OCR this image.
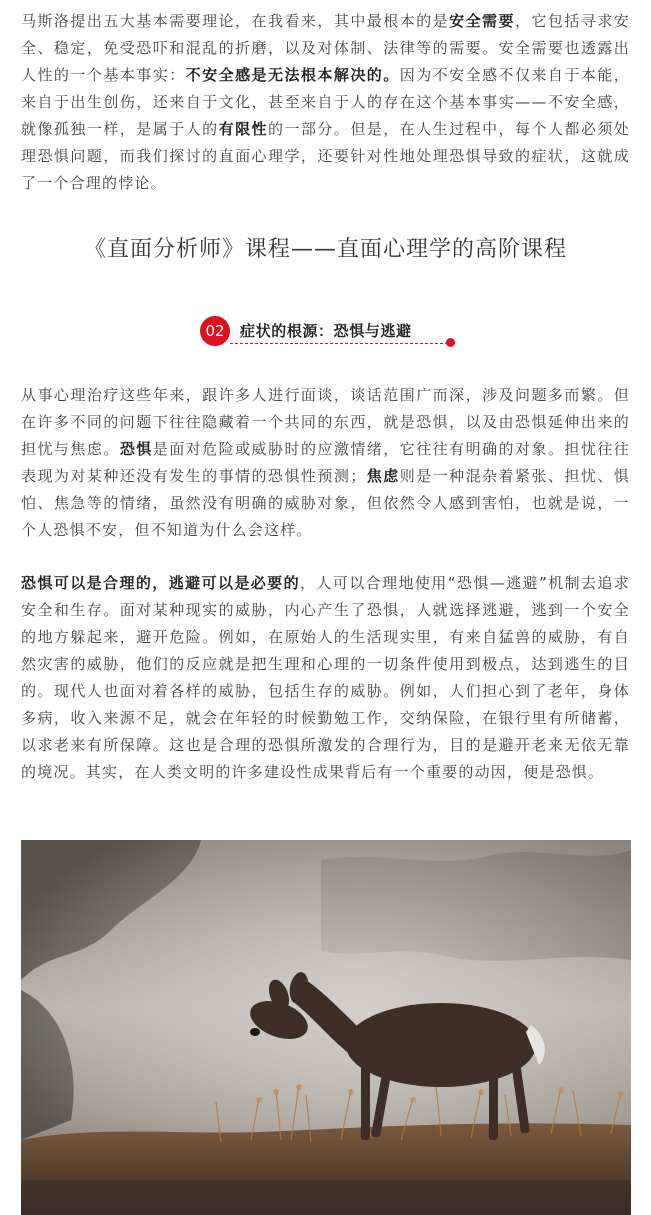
马斯洛提出五大基本需要理论，在我看来，其中最根本的是安全需要，它包括寻求安全、稳定，免受恐吓和混乱的折磨，以及对体制、法律等的需要。安全需要也透露出人性的一个基本事实：不安全感是无法根本解决的。因为不安全感不仅来自于本能，来自于出生创伤，还来自于文化，甚至来自于人的存在这个基本事实——不安全感，就像孤独一样，是属于人的有限性的一部分。但是，在人生过程中，每个人都必须处理恐惧问题，而我们探讨的直面心理学，还要针对性地处理恐惧导致的症状，这就成了一个合理的悖论。

《直面分析师》课程——直面心理学的高阶课程
02	症状的根源：恐惧与逃避

从事心理治疗这些年来，跟许多人进行面谈，谈话范围广而深，涉及问题多而繁。但在许多不同的问题下往往隐藏着一个共同的东西，就是恐惧，以及由恐惧延伸出来的担忧与焦虑。恐惧是面对危险或威胁时的应激情绪，它往往有明确的对象。担忧往往表现为对某种还没有发生的事情的恐惧性预测；焦虑则是一种混杂着紧张、担忧、惧怕、焦急等的情绪，虽然没有明确的威胁对象，但依然令人感到害怕，也就是说，一个人恐惧不安，但不知道为什么会这样。

恐惧可以是合理的，逃避可以是必要的，人可以合理地使用“恐惧—逃避”机制去追求安全和生存。面对某种现实的威胁，内心产生了恐惧，人就选择逃避，逃到一个安全的地方躲起来，避开危险。例如，在原始人的生活现实里，有来自猛兽的威胁，有自然灾害的威胁，他们的反应就是把生理和心理的一切条件使用到极点，达到逃生的目的。现代人也面对着各样的威胁，包括生存的威胁。例如，人们担心到了老年，身体多病，收入来源不足，就会在年轻的时候勤勉工作，交纳保险，在银行里有所储蓄，以求老来有所保障。这也是合理的恐惧所激发的合理行为，目的是避开老来无依无靠的境况。其实，在人类文明的许多建设性成果背后有一个重要的动因，便是恐惧。
